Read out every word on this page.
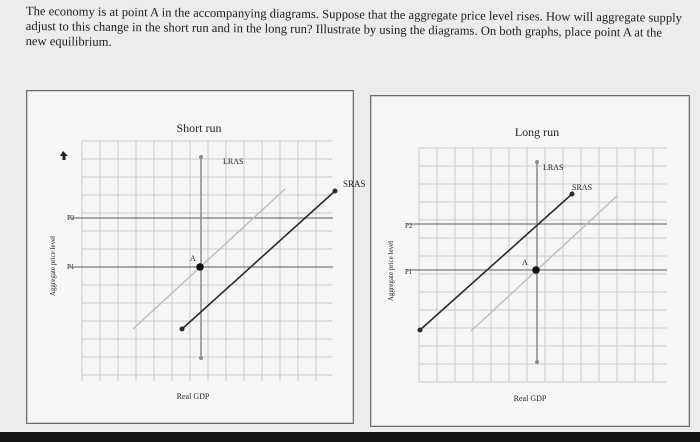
The economy is at point A in the accompanying diagrams. Suppose that the aggregate price level rises. How will aggregate supply adjust to this change in the short run and in the long run? Illustrate by using the diagrams. On both graphs, place point A at the new equilibrium.

Short run
LRAS
SRAS
P2
P1
A
Aggregate price level
Real GDP
Long run
LRAS
SRAS
P2
P1
A
Aggregate price level
Real GDP
